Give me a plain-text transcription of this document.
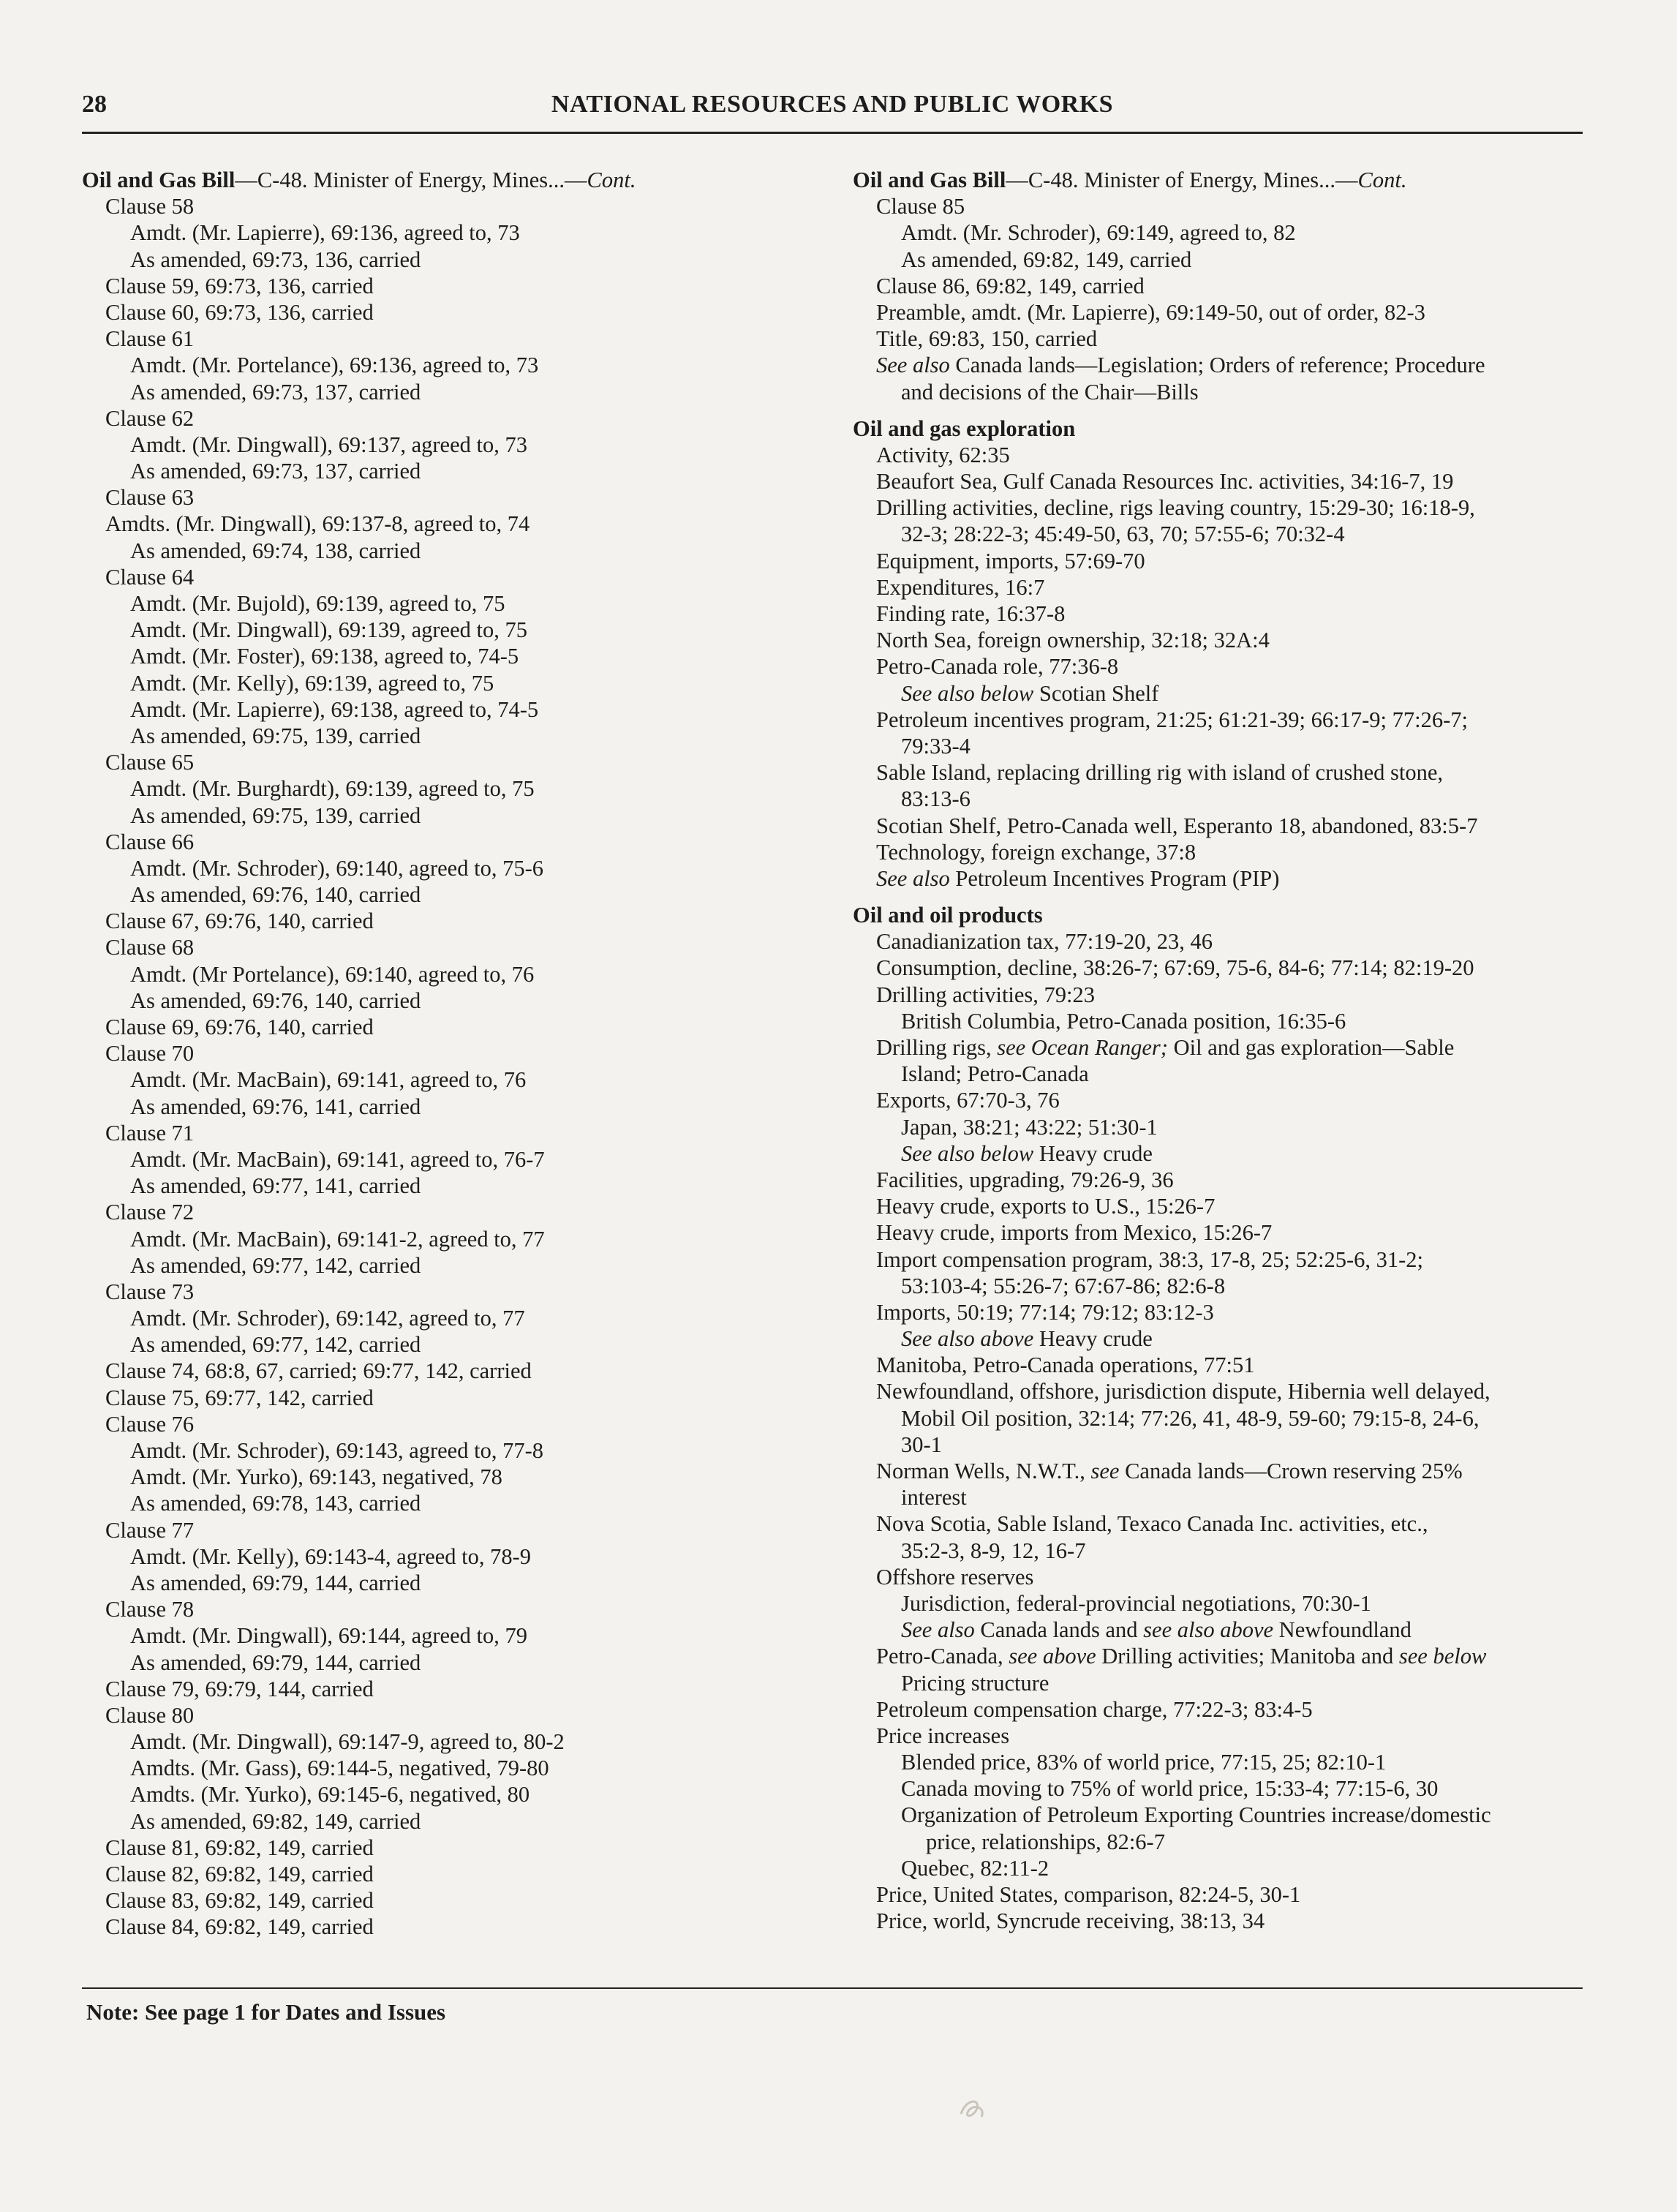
28	NATIONAL RESOURCES AND PUBLIC WORKS
Oil and Gas Bill—C-48. Minister of Energy, Mines...—Cont.
Clause 58
Amdt. (Mr. Lapierre), 69:136, agreed to, 73
As amended, 69:73, 136, carried
Clause 59, 69:73, 136, carried
Clause 60, 69:73, 136, carried
Clause 61
Amdt. (Mr. Portelance), 69:136, agreed to, 73
As amended, 69:73, 137, carried
Clause 62
Amdt. (Mr. Dingwall), 69:137, agreed to, 73
As amended, 69:73, 137, carried
Clause 63
Amdts. (Mr. Dingwall), 69:137-8, agreed to, 74
As amended, 69:74, 138, carried
Clause 64
Amdt. (Mr. Bujold), 69:139, agreed to, 75
Amdt. (Mr. Dingwall), 69:139, agreed to, 75
Amdt. (Mr. Foster), 69:138, agreed to, 74-5
Amdt. (Mr. Kelly), 69:139, agreed to, 75
Amdt. (Mr. Lapierre), 69:138, agreed to, 74-5
As amended, 69:75, 139, carried
Clause 65
Amdt. (Mr. Burghardt), 69:139, agreed to, 75
As amended, 69:75, 139, carried
Clause 66
Amdt. (Mr. Schroder), 69:140, agreed to, 75-6
As amended, 69:76, 140, carried
Clause 67, 69:76, 140, carried
Clause 68
Amdt. (Mr Portelance), 69:140, agreed to, 76
As amended, 69:76, 140, carried
Clause 69, 69:76, 140, carried
Clause 70
Amdt. (Mr. MacBain), 69:141, agreed to, 76
As amended, 69:76, 141, carried
Clause 71
Amdt. (Mr. MacBain), 69:141, agreed to, 76-7
As amended, 69:77, 141, carried
Clause 72
Amdt. (Mr. MacBain), 69:141-2, agreed to, 77
As amended, 69:77, 142, carried
Clause 73
Amdt. (Mr. Schroder), 69:142, agreed to, 77
As amended, 69:77, 142, carried
Clause 74, 68:8, 67, carried; 69:77, 142, carried
Clause 75, 69:77, 142, carried
Clause 76
Amdt. (Mr. Schroder), 69:143, agreed to, 77-8
Amdt. (Mr. Yurko), 69:143, negatived, 78
As amended, 69:78, 143, carried
Clause 77
Amdt. (Mr. Kelly), 69:143-4, agreed to, 78-9
As amended, 69:79, 144, carried
Clause 78
Amdt. (Mr. Dingwall), 69:144, agreed to, 79
As amended, 69:79, 144, carried
Clause 79, 69:79, 144, carried
Clause 80
Amdt. (Mr. Dingwall), 69:147-9, agreed to, 80-2
Amdts. (Mr. Gass), 69:144-5, negatived, 79-80
Amdts. (Mr. Yurko), 69:145-6, negatived, 80
As amended, 69:82, 149, carried
Clause 81, 69:82, 149, carried
Clause 82, 69:82, 149, carried
Clause 83, 69:82, 149, carried
Clause 84, 69:82, 149, carried
Oil and Gas Bill—C-48. Minister of Energy, Mines...—Cont.
Clause 85
Amdt. (Mr. Schroder), 69:149, agreed to, 82
As amended, 69:82, 149, carried
Clause 86, 69:82, 149, carried
Preamble, amdt. (Mr. Lapierre), 69:149-50, out of order, 82-3
Title, 69:83, 150, carried
See also Canada lands—Legislation; Orders of reference; Procedure
and decisions of the Chair—Bills
Oil and gas exploration
Activity, 62:35
Beaufort Sea, Gulf Canada Resources Inc. activities, 34:16-7, 19
Drilling activities, decline, rigs leaving country, 15:29-30; 16:18-9,
32-3; 28:22-3; 45:49-50, 63, 70; 57:55-6; 70:32-4
Equipment, imports, 57:69-70
Expenditures, 16:7
Finding rate, 16:37-8
North Sea, foreign ownership, 32:18; 32A:4
Petro-Canada role, 77:36-8
See also below Scotian Shelf
Petroleum incentives program, 21:25; 61:21-39; 66:17-9; 77:26-7;
79:33-4
Sable Island, replacing drilling rig with island of crushed stone,
83:13-6
Scotian Shelf, Petro-Canada well, Esperanto 18, abandoned, 83:5-7
Technology, foreign exchange, 37:8
See also Petroleum Incentives Program (PIP)
Oil and oil products
Canadianization tax, 77:19-20, 23, 46
Consumption, decline, 38:26-7; 67:69, 75-6, 84-6; 77:14; 82:19-20
Drilling activities, 79:23
British Columbia, Petro-Canada position, 16:35-6
Drilling rigs, see Ocean Ranger; Oil and gas exploration—Sable
Island; Petro-Canada
Exports, 67:70-3, 76
Japan, 38:21; 43:22; 51:30-1
See also below Heavy crude
Facilities, upgrading, 79:26-9, 36
Heavy crude, exports to U.S., 15:26-7
Heavy crude, imports from Mexico, 15:26-7
Import compensation program, 38:3, 17-8, 25; 52:25-6, 31-2;
53:103-4; 55:26-7; 67:67-86; 82:6-8
Imports, 50:19; 77:14; 79:12; 83:12-3
See also above Heavy crude
Manitoba, Petro-Canada operations, 77:51
Newfoundland, offshore, jurisdiction dispute, Hibernia well delayed,
Mobil Oil position, 32:14; 77:26, 41, 48-9, 59-60; 79:15-8, 24-6,
30-1
Norman Wells, N.W.T., see Canada lands—Crown reserving 25%
interest
Nova Scotia, Sable Island, Texaco Canada Inc. activities, etc.,
35:2-3, 8-9, 12, 16-7
Offshore reserves
Jurisdiction, federal-provincial negotiations, 70:30-1
See also Canada lands and see also above Newfoundland
Petro-Canada, see above Drilling activities; Manitoba and see below
Pricing structure
Petroleum compensation charge, 77:22-3; 83:4-5
Price increases
Blended price, 83% of world price, 77:15, 25; 82:10-1
Canada moving to 75% of world price, 15:33-4; 77:15-6, 30
Organization of Petroleum Exporting Countries increase/domestic
price, relationships, 82:6-7
Quebec, 82:11-2
Price, United States, comparison, 82:24-5, 30-1
Price, world, Syncrude receiving, 38:13, 34
Note: See page 1 for Dates and Issues
